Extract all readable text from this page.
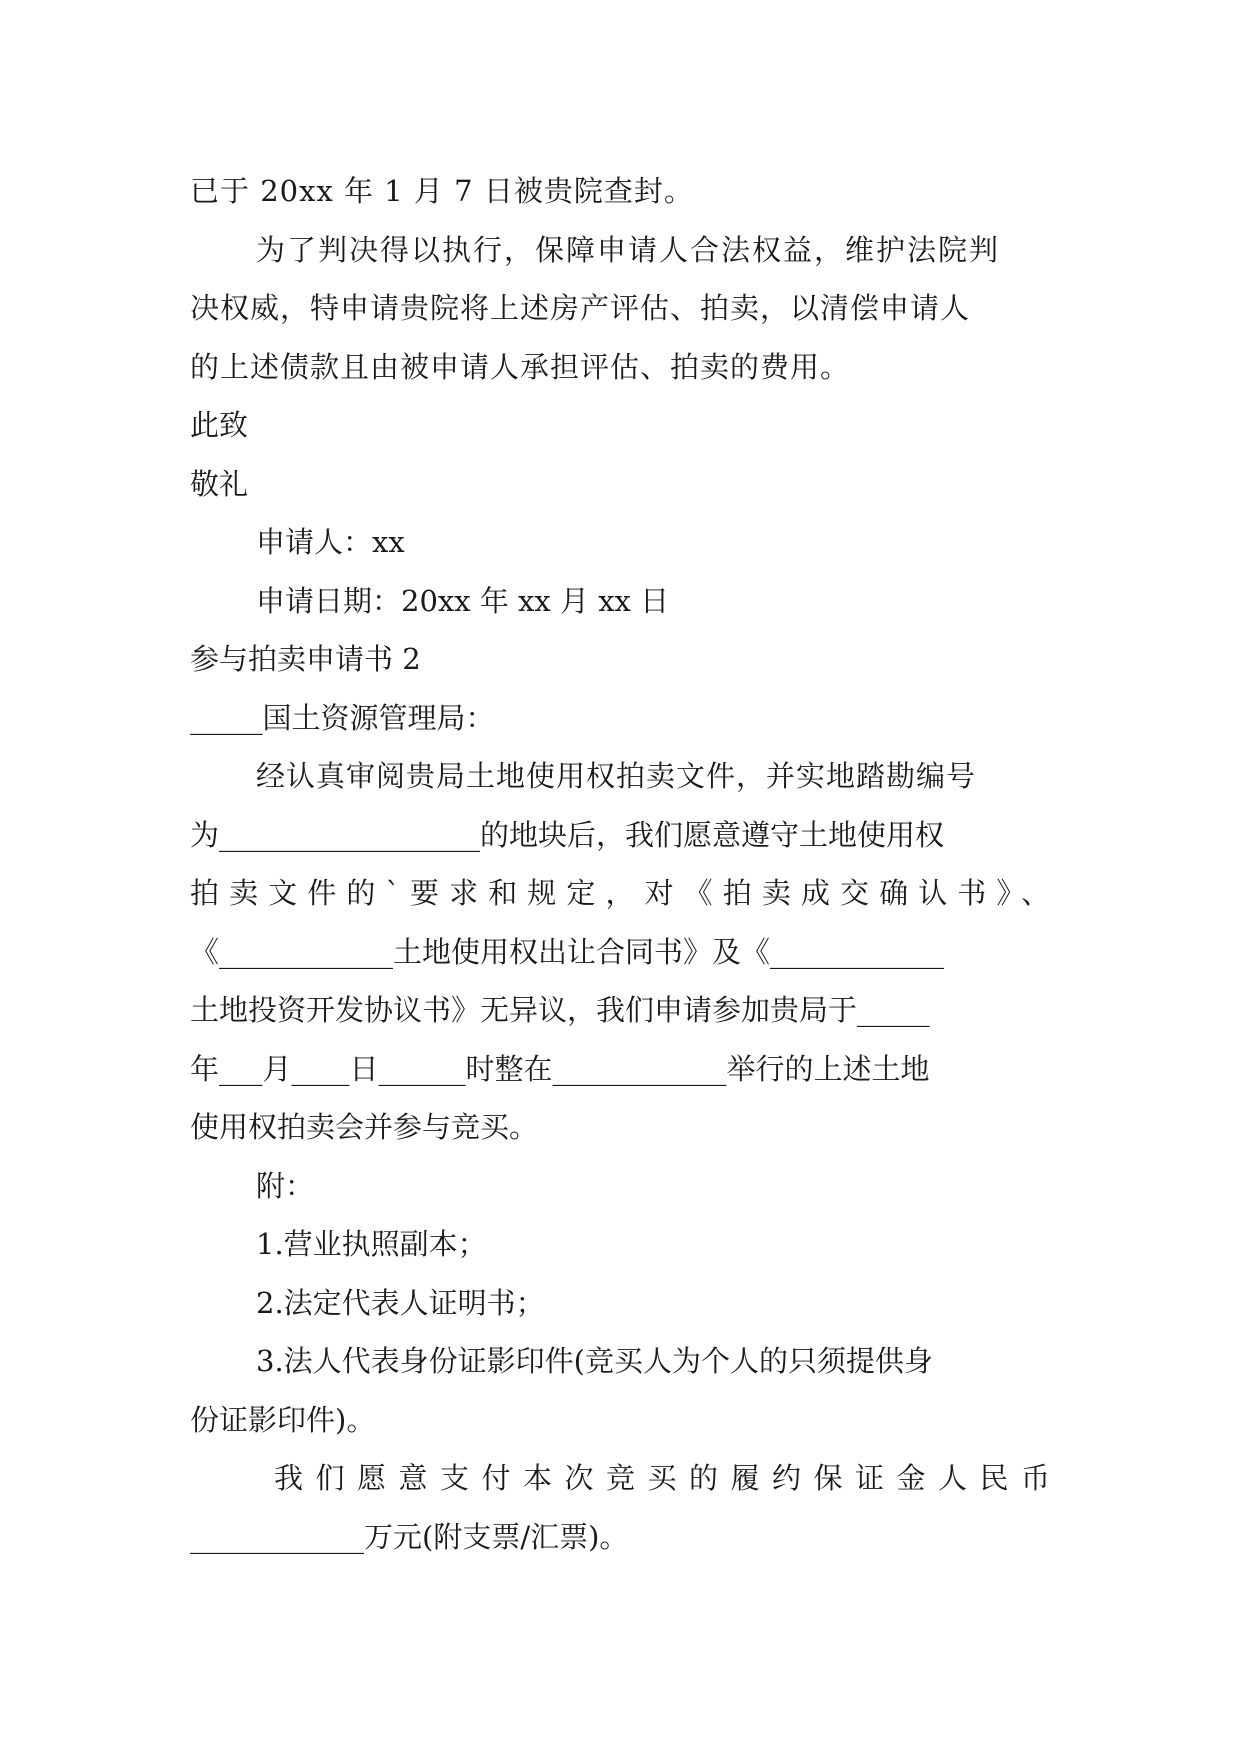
已于 20xx 年 1 月 7 日被贵院查封。
为了判决得以执行，保障申请人合法权益，维护法院判
决权威，特申请贵院将上述房产评估、拍卖，以清偿申请人
的上述债款且由被申请人承担评估、拍卖的费用。
此致
敬礼
申请人：xx
申请日期：20xx 年 xx 月 xx 日
参与拍卖申请书 2
_____国土资源管理局：
经认真审阅贵局土地使用权拍卖文件，并实地踏勘编号
为__________________的地块后，我们愿意遵守土地使用权
拍卖文件的`要求和规定，对《拍卖成交确认书》、
《____________土地使用权出让合同书》及《____________
土地投资开发协议书》无异议，我们申请参加贵局于_____
年___月____日______时整在____________举行的上述土地
使用权拍卖会并参与竞买。
附：
1.营业执照副本；
2.法定代表人证明书；
3.法人代表身份证影印件(竞买人为个人的只须提供身
份证影印件)。
我们愿意支付本次竞买的履约保证金人民币
____________万元(附支票/汇票)。
